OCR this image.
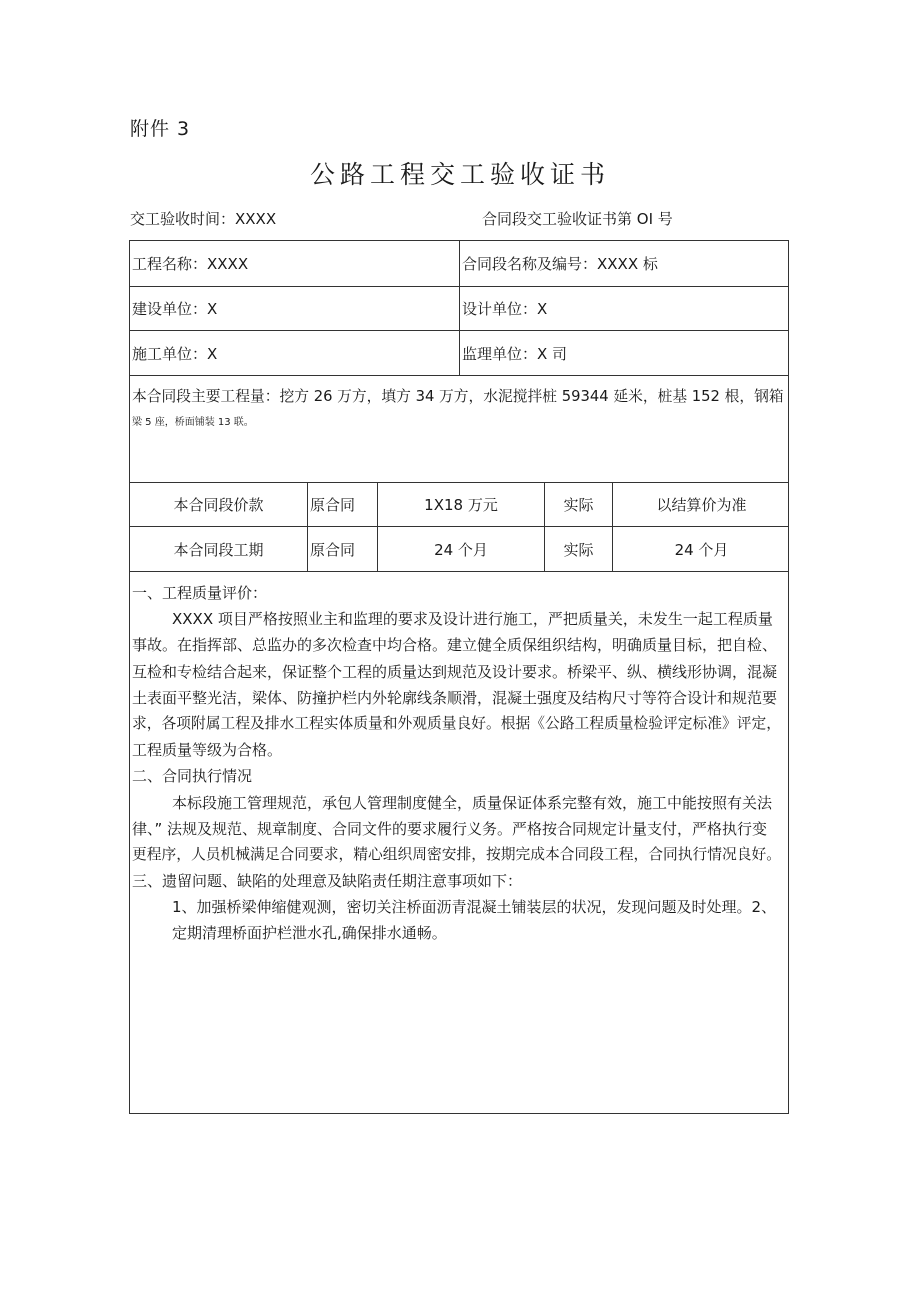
附件 3
公路工程交工验收证书
交工验收时间：XXXX	合同段交工验收证书第 OI 号
工程名称：XXXX	合同段名称及编号：XXXX 标
建设单位：X	设计单位：X
施工单位：X	监理单位：X 司
本合同段主要工程量：挖方 26 万方，填方 34 万方，水泥搅拌桩 59344 延米，桩基 152 根，钢箱
梁 5 座，桥面铺装 13 联。
本合同段价款	原合同	1X18 万元	实际	以结算价为准
本合同段工期	原合同	24 个月	实际	24 个月
一、工程质量评价：
XXXX 项目严格按照业主和监理的要求及设计进行施工，严把质量关，未发生一起工程质量
事故。在指挥部、总监办的多次检查中均合格。建立健全质保组织结构，明确质量目标，把自检、
互检和专检结合起来，保证整个工程的质量达到规范及设计要求。桥梁平、纵、横线形协调，混凝
土表面平整光洁，梁体、防撞护栏内外轮廓线条顺滑，混凝土强度及结构尺寸等符合设计和规范要
求，各项附属工程及排水工程实体质量和外观质量良好。根据《公路工程质量检验评定标准》评定，
工程质量等级为合格。
二、合同执行情况
本标段施工管理规范，承包人管理制度健全，质量保证体系完整有效，施工中能按照有关法
律、” 法规及规范、规章制度、合同文件的要求履行义务。严格按合同规定计量支付，严格执行变
更程序，人员机械满足合同要求，精心组织周密安排，按期完成本合同段工程，合同执行情况良好。
三、遗留问题、缺陷的处理意及缺陷责任期注意事项如下：
1、加强桥梁伸缩健观测，密切关注桥面沥青混凝土铺装层的状况，发现问题及时处理。2、
定期清理桥面护栏泄水孔,确保排水通畅。
